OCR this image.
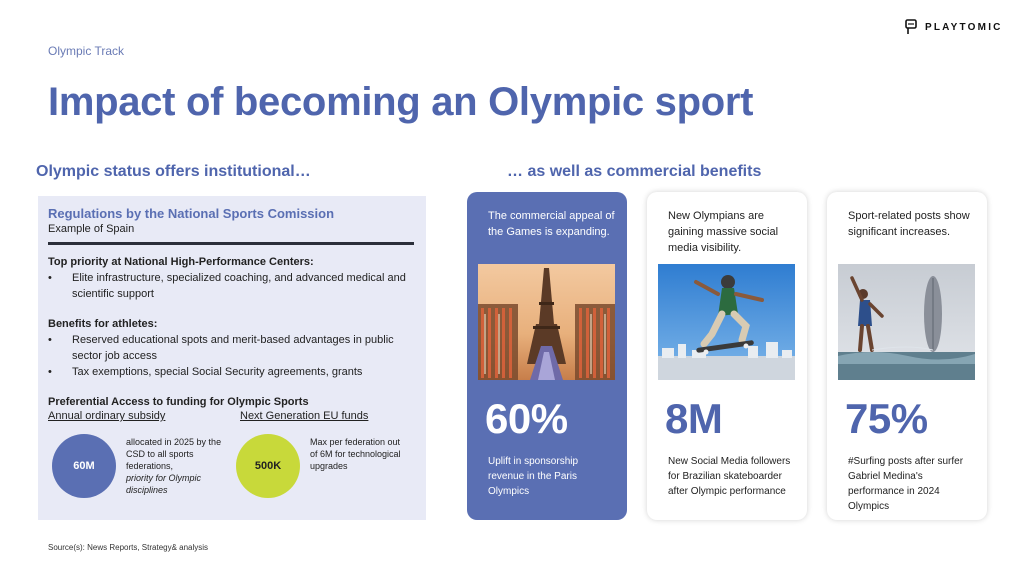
Olympic Track
PLAYTOMIC
Impact of becoming an Olympic sport
Olympic status offers institutional…
Regulations by the National Sports Comission
Example of Spain
Top priority at National High-Performance Centers:
• Elite infrastructure, specialized coaching, and advanced medical and scientific support
Benefits for athletes:
• Reserved educational spots and merit-based advantages in public sector job access
• Tax exemptions, special Social Security agreements, grants
Preferential Access to funding for Olympic Sports
Annual ordinary subsidy	Next Generation EU funds
60M
allocated in 2025 by the CSD to all sports federations,
priority for Olympic disciplines
500K
Max per federation out of 6M for technological upgrades
… as well as commercial benefits
The commercial appeal of the Games is expanding.
60%
Uplift in sponsorship revenue in the Paris Olympics
New Olympians are gaining massive social media visibility.
8M
New Social Media followers for Brazilian skateboarder after Olympic performance
Sport-related posts show significant increases.
75%
#Surfing posts after surfer Gabriel Medina's performance in 2024 Olympics
Source(s): News Reports, Strategy& analysis
